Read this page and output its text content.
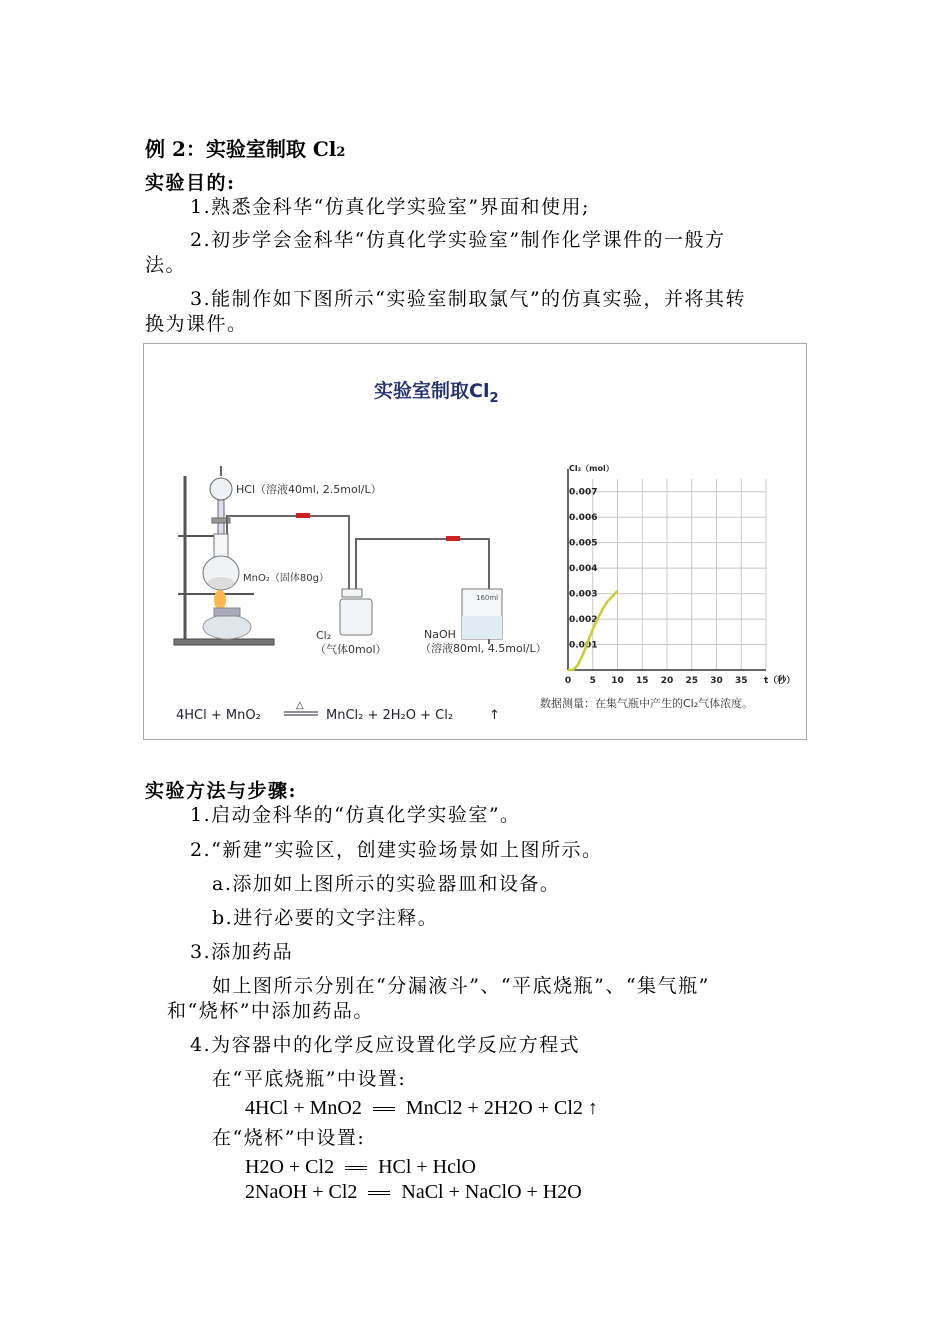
例 2：实验室制取 Cl2
实验目的:
1.熟悉金科华“仿真化学实验室”界面和使用;
2.初步学会金科华“仿真化学实验室”制作化学课件的一般方
法。
3.能制作如下图所示“实验室制取氯气”的仿真实验，并将其转
换为课件。
实验室制取$Cl_2$
HCl（溶液40ml, 2.5mol/L）
MnO₂（固体80g）
Cl₂
（气体0mol）
160ml
NaOH
（溶液80ml, 4.5mol/L）
0 5 10 15 20 25 30 35
0.001
0.002
0.003
0.004
0.005
0.006
0.007
Cl₂（mol）
t（秒）
数据测量：在集气瓶中产生的Cl₂气体浓度。
4HCl + MnO₂
△
MnCl₂ + 2H₂O + Cl₂	↑
实验方法与步骤:
1.启动金科华的“仿真化学实验室”。
2.“新建”实验区，创建实验场景如上图所示。
a.添加如上图所示的实验器皿和设备。
b.进行必要的文字注释。
3.添加药品
如上图所示分别在“分漏液斗”、“平底烧瓶”、“集气瓶”
和“烧杯”中添加药品。
4.为容器中的化学反应设置化学反应方程式
在“平底烧瓶”中设置:
4HCl + MnO2 MnCl2 + 2H2O + Cl2 ↑
在“烧杯”中设置:
H2O + Cl2 HCl + HclO
2NaOH + Cl2 NaCl + NaClO + H2O
